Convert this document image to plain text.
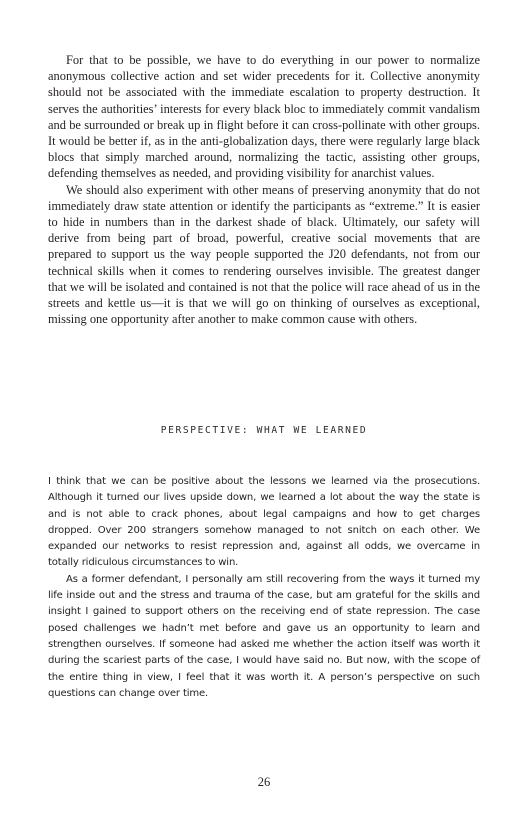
For that to be possible, we have to do everything in our power to normalize anonymous collective action and set wider precedents for it. Collective anonymity should not be associated with the immediate escalation to property destruction. It serves the authorities’ interests for every black bloc to immediately commit vandalism and be surrounded or break up in flight before it can cross-pollinate with other groups. It would be better if, as in the anti-globalization days, there were regularly large black blocs that simply marched around, normalizing the tactic, assisting other groups, defending themselves as needed, and providing visibility for anarchist values.

We should also experiment with other means of preserving anonymity that do not immediately draw state attention or identify the participants as “extreme.” It is easier to hide in numbers than in the darkest shade of black. Ultimately, our safety will derive from being part of broad, powerful, creative social movements that are prepared to support us the way people supported the J20 defendants, not from our technical skills when it comes to rendering ourselves invisible. The greatest danger that we will be isolated and contained is not that the police will race ahead of us in the streets and kettle us—it is that we will go on thinking of ourselves as exceptional, missing one opportunity after another to make common cause with others.

PERSPECTIVE: WHAT WE LEARNED

I think that we can be positive about the lessons we learned via the prosecutions. Although it turned our lives upside down, we learned a lot about the way the state is and is not able to crack phones, about legal campaigns and how to get charges dropped. Over 200 strangers somehow managed to not snitch on each other. We expanded our networks to resist repression and, against all odds, we overcame in totally ridiculous circumstances to win.

As a former defendant, I personally am still recovering from the ways it turned my life inside out and the stress and trauma of the case, but am grateful for the skills and insight I gained to support others on the receiving end of state repression. The case posed challenges we hadn’t met before and gave us an opportunity to learn and strengthen ourselves. If someone had asked me whether the action itself was worth it during the scariest parts of the case, I would have said no. But now, with the scope of the entire thing in view, I feel that it was worth it. A person’s perspective on such questions can change over time.

26
